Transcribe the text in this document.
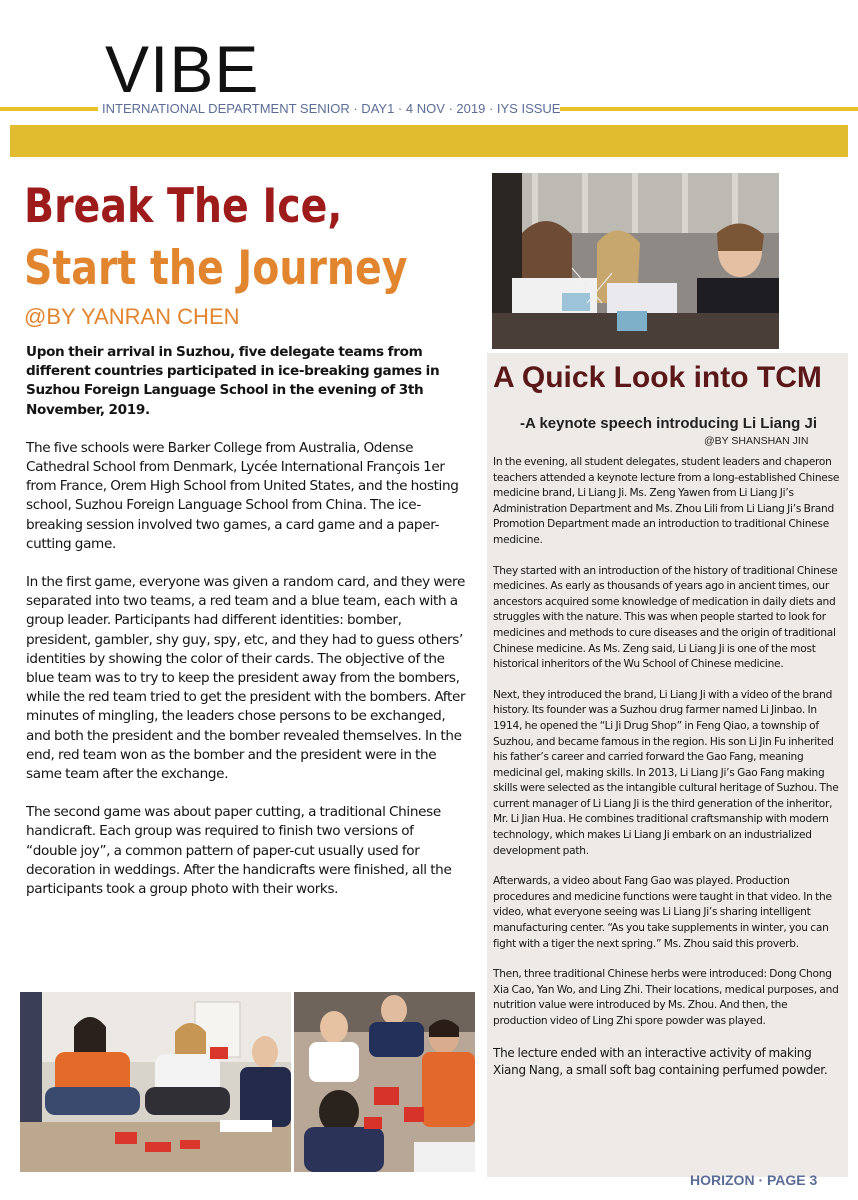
VIBE
INTERNATIONAL DEPARTMENT SENIOR · DAY1 · 4 NOV · 2019 · IYS ISSUE
Break The Ice,
Start the Journey
@BY YANRAN CHEN

Upon their arrival in Suzhou, five delegate teams from different countries participated in ice-breaking games in Suzhou Foreign Language School in the evening of 3th November, 2019.

The five schools were Barker College from Australia, Odense Cathedral School from Denmark, Lycée International François 1er from France, Orem High School from United States, and the hosting school, Suzhou Foreign Language School from China. The ice-breaking session involved two games, a card game and a paper-cutting game.

In the first game, everyone was given a random card, and they were separated into two teams, a red team and a blue team, each with a group leader. Participants had different identities: bomber, president, gambler, shy guy, spy, etc, and they had to guess others’ identities by showing the color of their cards. The objective of the blue team was to try to keep the president away from the bombers, while the red team tried to get the president with the bombers. After minutes of mingling, the leaders chose persons to be exchanged, and both the president and the bomber revealed themselves. In the end, red team won as the bomber and the president were in the same team after the exchange.

The second game was about paper cutting, a traditional Chinese handicraft. Each group was required to finish two versions of “double joy”, a common pattern of paper-cut usually used for decoration in weddings. After the handicrafts were finished, all the participants took a group photo with their works.

A Quick Look into TCM
-A keynote speech introducing Li Liang Ji
@BY SHANSHAN JIN

In the evening, all student delegates, student leaders and chaperon teachers attended a keynote lecture from a long-established Chinese medicine brand, Li Liang Ji. Ms. Zeng Yawen from Li Liang Ji’s Administration Department and Ms. Zhou Lili from Li Liang Ji’s Brand Promotion Department made an introduction to traditional Chinese medicine.

They started with an introduction of the history of traditional Chinese medicines. As early as thousands of years ago in ancient times, our ancestors acquired some knowledge of medication in daily diets and struggles with the nature. This was when people started to look for medicines and methods to cure diseases and the origin of traditional Chinese medicine. As Ms. Zeng said, Li Liang Ji is one of the most historical inheritors of the Wu School of Chinese medicine.

Next, they introduced the brand, Li Liang Ji with a video of the brand history. Its founder was a Suzhou drug farmer named Li Jinbao. In 1914, he opened the “Li Ji Drug Shop” in Feng Qiao, a township of Suzhou, and became famous in the region. His son Li Jin Fu inherited his father’s career and carried forward the Gao Fang, meaning medicinal gel, making skills. In 2013, Li Liang Ji’s Gao Fang making skills were selected as the intangible cultural heritage of Suzhou. The current manager of Li Liang Ji is the third generation of the inheritor, Mr. Li Jian Hua. He combines traditional craftsmanship with modern technology, which makes Li Liang Ji embark on an industrialized development path.

Afterwards, a video about Fang Gao was played. Production procedures and medicine functions were taught in that video. In the video, what everyone seeing was Li Liang Ji’s sharing intelligent manufacturing center. “As you take supplements in winter, you can fight with a tiger the next spring.” Ms. Zhou said this proverb.

Then, three traditional Chinese herbs were introduced: Dong Chong Xia Cao, Yan Wo, and Ling Zhi. Their locations, medical purposes, and nutrition value were introduced by Ms. Zhou. And then, the production video of Ling Zhi spore powder was played.

The lecture ended with an interactive activity of making Xiang Nang, a small soft bag containing perfumed powder.

HORIZON · PAGE 3
